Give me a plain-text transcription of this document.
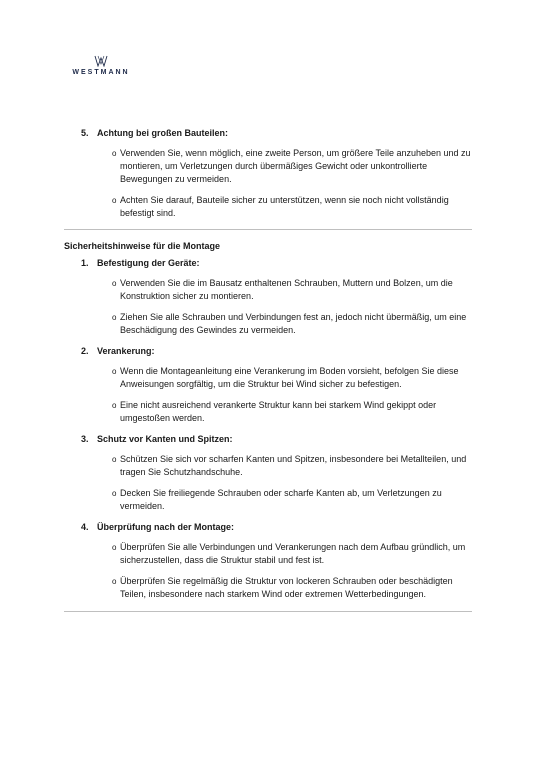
WESTMANN
5. Achtung bei großen Bauteilen:
o Verwenden Sie, wenn möglich, eine zweite Person, um größere Teile anzuheben und zu montieren, um Verletzungen durch übermäßiges Gewicht oder unkontrollierte Bewegungen zu vermeiden.
o Achten Sie darauf, Bauteile sicher zu unterstützen, wenn sie noch nicht vollständig befestigt sind.
Sicherheitshinweise für die Montage
1. Befestigung der Geräte:
o Verwenden Sie die im Bausatz enthaltenen Schrauben, Muttern und Bolzen, um die Konstruktion sicher zu montieren.
o Ziehen Sie alle Schrauben und Verbindungen fest an, jedoch nicht übermäßig, um eine Beschädigung des Gewindes zu vermeiden.
2. Verankerung:
o Wenn die Montageanleitung eine Verankerung im Boden vorsieht, befolgen Sie diese Anweisungen sorgfältig, um die Struktur bei Wind sicher zu befestigen.
o Eine nicht ausreichend verankerte Struktur kann bei starkem Wind gekippt oder umgestoßen werden.
3. Schutz vor Kanten und Spitzen:
o Schützen Sie sich vor scharfen Kanten und Spitzen, insbesondere bei Metallteilen, und tragen Sie Schutzhandschuhe.
o Decken Sie freiliegende Schrauben oder scharfe Kanten ab, um Verletzungen zu vermeiden.
4. Überprüfung nach der Montage:
o Überprüfen Sie alle Verbindungen und Verankerungen nach dem Aufbau gründlich, um sicherzustellen, dass die Struktur stabil und fest ist.
o Überprüfen Sie regelmäßig die Struktur von lockeren Schrauben oder beschädigten Teilen, insbesondere nach starkem Wind oder extremen Wetterbedingungen.
